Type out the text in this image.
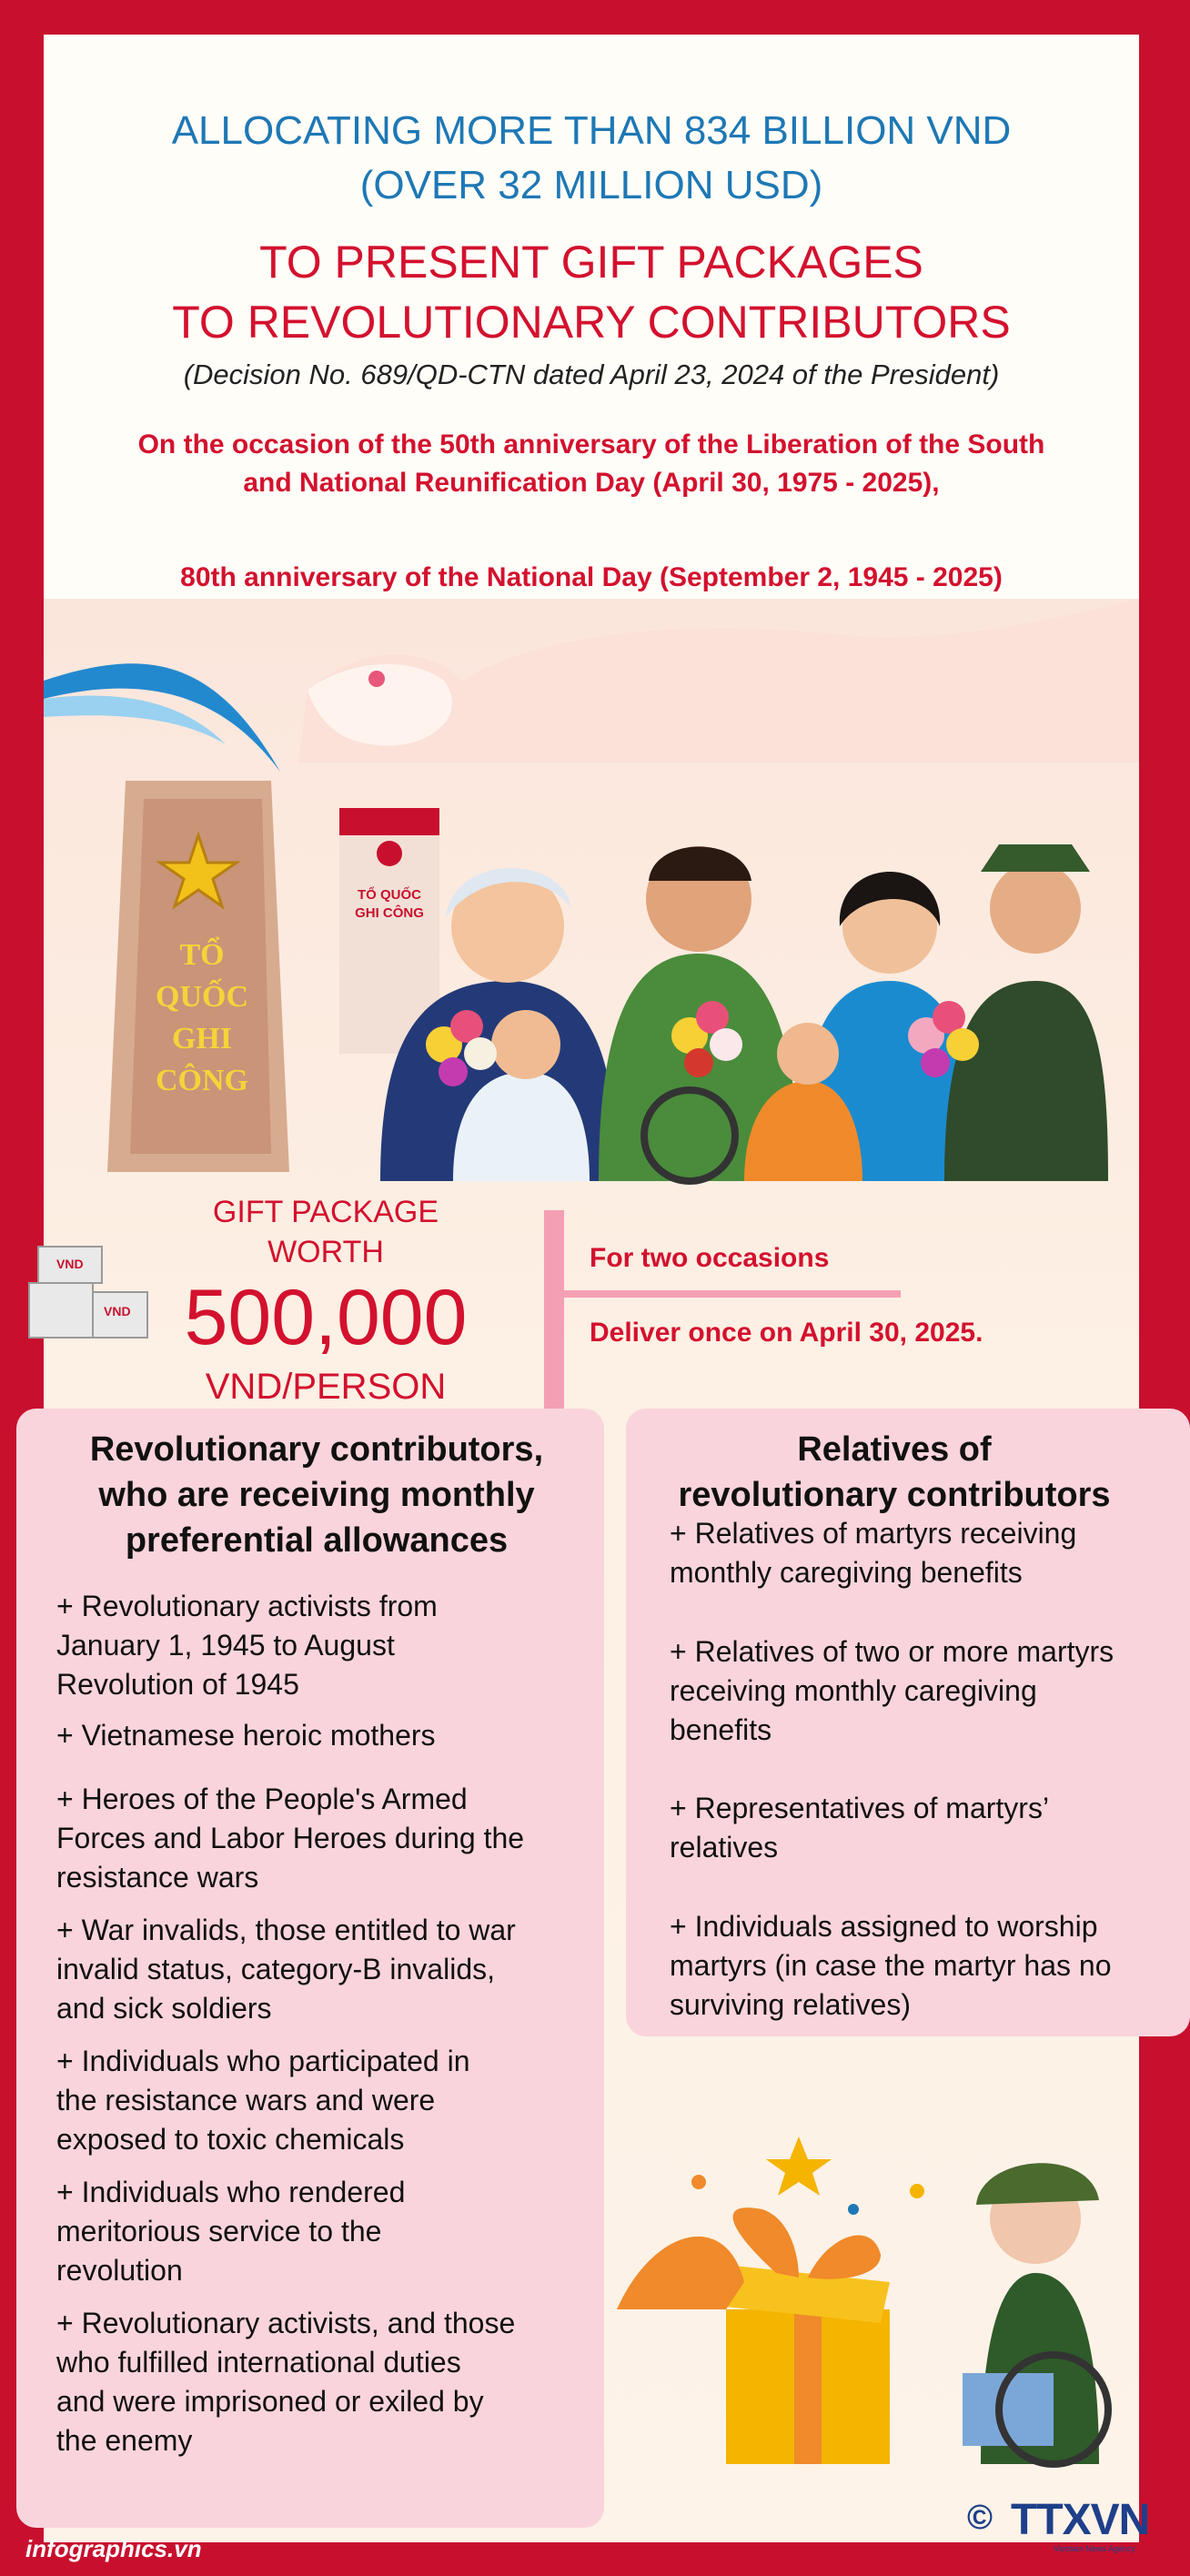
ALLOCATING MORE THAN 834 BILLION VND
(OVER 32 MILLION USD)
TO PRESENT GIFT PACKAGES
TO REVOLUTIONARY CONTRIBUTORS
(Decision No. 689/QD-CTN dated April 23, 2024 of the President)
On the occasion of the 50th anniversary of the Liberation of the South
and National Reunification Day (April 30, 1975 - 2025),
80th anniversary of the National Day (September 2, 1945 - 2025)
TỔ
QUỐC
GHI
CÔNG
TỔ QUỐC
GHI CÔNG
VND
VND
GIFT PACKAGE
WORTH
500,000
VND/PERSON
For two occasions
Deliver once on April 30, 2025.
Revolutionary contributors,
who are receiving monthly
preferential allowances
+ Revolutionary activists from
January 1, 1945 to August
Revolution of 1945
+ Vietnamese heroic mothers
+ Heroes of the People's Armed
Forces and Labor Heroes during the
resistance wars
+ War invalids, those entitled to war
invalid status, category-B invalids,
and sick soldiers
+ Individuals who participated in
the resistance wars and were
exposed to toxic chemicals
+ Individuals who rendered
meritorious service to the
revolution
+ Revolutionary activists, and those
who fulfilled international duties
and were imprisoned or exiled by
the enemy
Relatives of
revolutionary contributors
+ Relatives of martyrs receiving
monthly caregiving benefits
+ Relatives of two or more martyrs
receiving monthly caregiving
benefits
+ Representatives of martyrs’
relatives
+ Individuals assigned to worship
martyrs (in case the martyr has no
surviving relatives)
© TTXVN
Vietnam News Agency
infographics.vn
